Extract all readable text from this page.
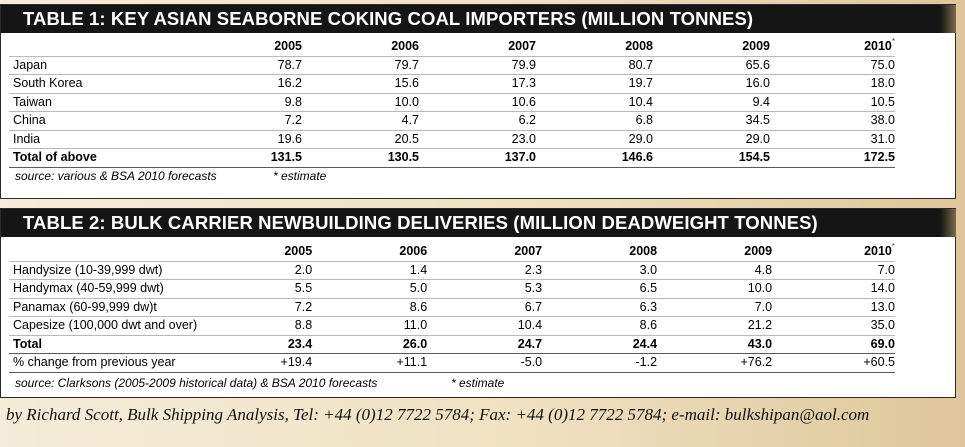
TABLE 1: KEY ASIAN SEABORNE COKING COAL IMPORTERS (MILLION TONNES)
	2005	2006	2007	2008	2009	2010*
Japan	78.7	79.7	79.9	80.7	65.6	75.0
South Korea	16.2	15.6	17.3	19.7	16.0	18.0
Taiwan	9.8	10.0	10.6	10.4	9.4	10.5
China	7.2	4.7	6.2	6.8	34.5	38.0
India	19.6	20.5	23.0	29.0	29.0	31.0
Total of above	131.5	130.5	137.0	146.6	154.5	172.5
source: various & BSA 2010 forecasts	* estimate
TABLE 2: BULK CARRIER NEWBUILDING DELIVERIES (MILLION DEADWEIGHT TONNES)
	2005	2006	2007	2008	2009	2010*
Handysize (10-39,999 dwt)	2.0	1.4	2.3	3.0	4.8	7.0
Handymax (40-59,999 dwt)	5.5	5.0	5.3	6.5	10.0	14.0
Panamax (60-99,999 dw)t	7.2	8.6	6.7	6.3	7.0	13.0
Capesize (100,000 dwt and over)	8.8	11.0	10.4	8.6	21.2	35.0
Total	23.4	26.0	24.7	24.4	43.0	69.0
% change from previous year	+19.4	+11.1	-5.0	-1.2	+76.2	+60.5
source: Clarksons (2005-2009 historical data) & BSA 2010 forecasts	* estimate
by Richard Scott, Bulk Shipping Analysis, Tel: +44 (0)12 7722 5784; Fax: +44 (0)12 7722 5784; e-mail: bulkshipan@aol.com
